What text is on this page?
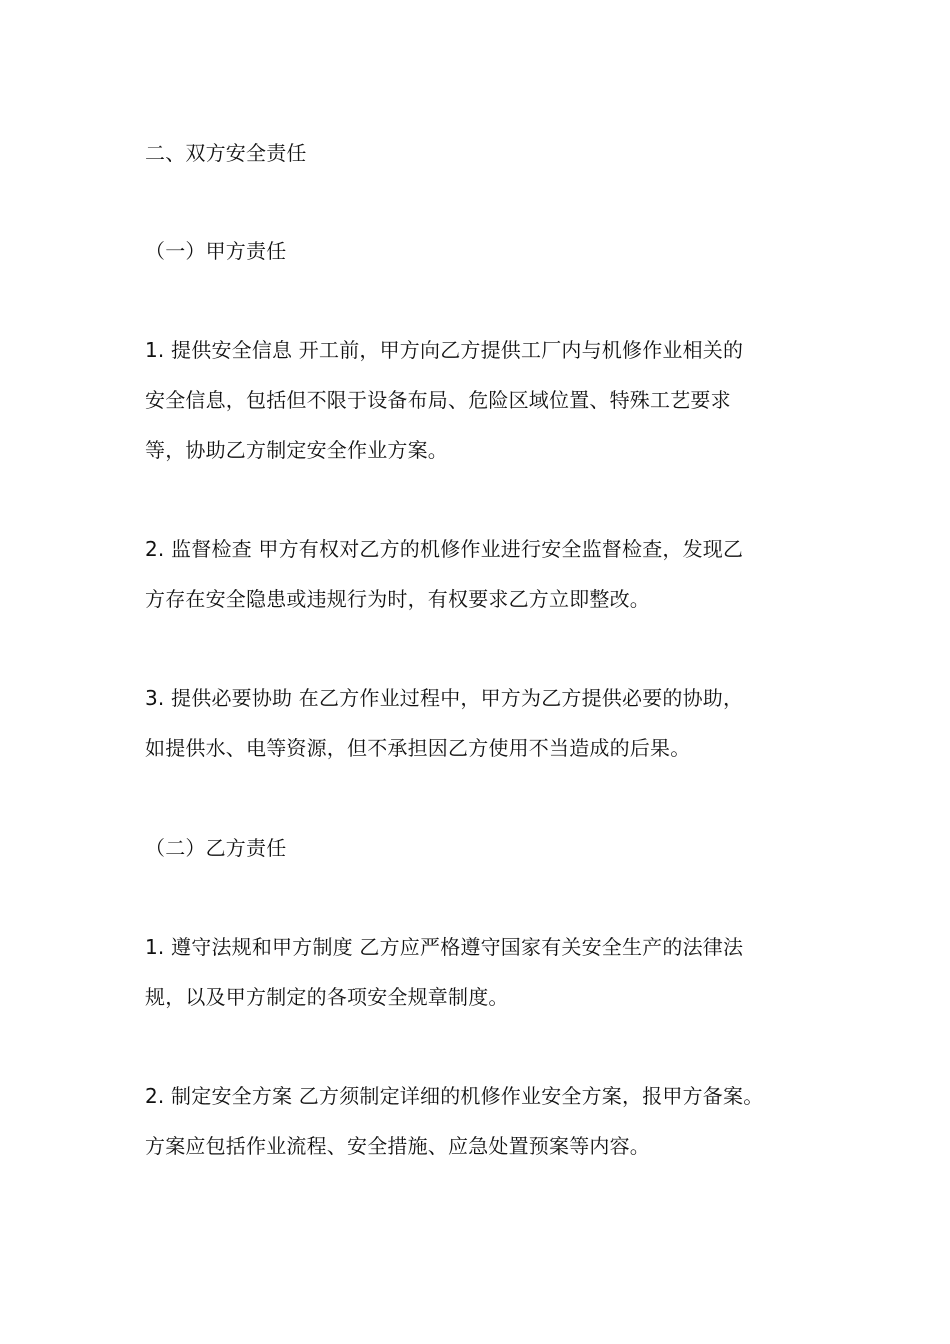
二、双方安全责任
（一）甲方责任
1. 提供安全信息 开工前，甲方向乙方提供工厂内与机修作业相关的
安全信息，包括但不限于设备布局、危险区域位置、特殊工艺要求
等，协助乙方制定安全作业方案。
2. 监督检查 甲方有权对乙方的机修作业进行安全监督检查，发现乙
方存在安全隐患或违规行为时，有权要求乙方立即整改。
3. 提供必要协助 在乙方作业过程中，甲方为乙方提供必要的协助，
如提供水、电等资源，但不承担因乙方使用不当造成的后果。
（二）乙方责任
1. 遵守法规和甲方制度 乙方应严格遵守国家有关安全生产的法律法
规，以及甲方制定的各项安全规章制度。
2. 制定安全方案 乙方须制定详细的机修作业安全方案，报甲方备案。
方案应包括作业流程、安全措施、应急处置预案等内容。
